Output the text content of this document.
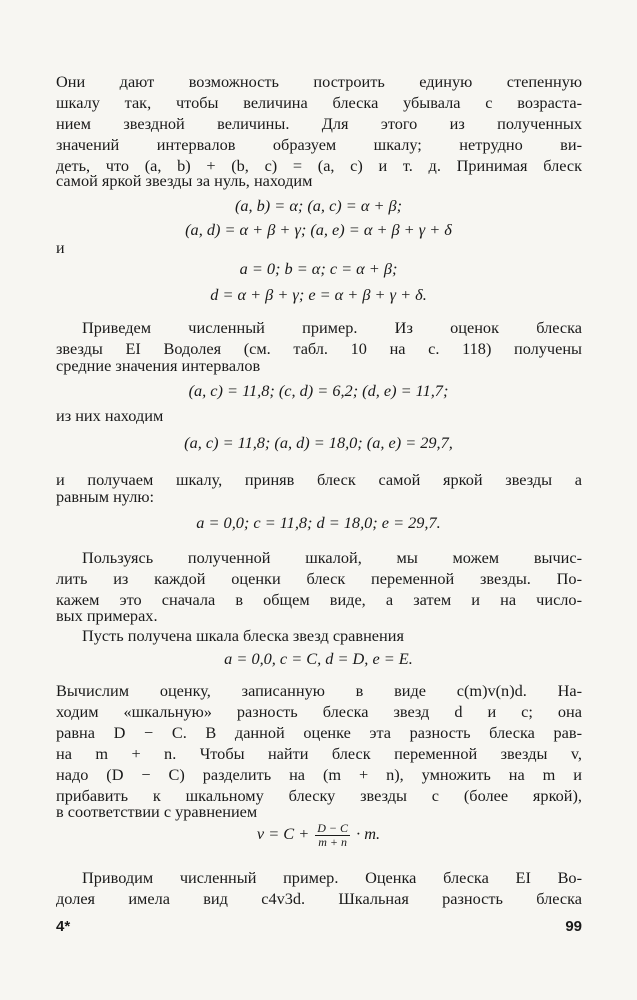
Они дают возможность построить единую степенную
шкалу так, чтобы величина блеска убывала с возраста-
нием звездной величины. Для этого из полученных
значений интервалов образуем шкалу; нетрудно ви-
деть, что (a, b) + (b, c) = (a, c) и т. д. Принимая блеск
самой яркой звезды за нуль, находим
(a, b) = α; (a, c) = α + β;
(a, d) = α + β + γ; (a, e) = α + β + γ + δ
и
a = 0; b = α; c = α + β;
d = α + β + γ; e = α + β + γ + δ.
Приведем численный пример. Из оценок блеска
звезды EI Водолея (см. табл. 10 на с. 118) получены
средние значения интервалов
(a, c) = 11,8; (c, d) = 6,2; (d, e) = 11,7;
из них находим
(a, c) = 11,8; (a, d) = 18,0; (a, e) = 29,7,
и получаем шкалу, приняв блеск самой яркой звезды a
равным нулю:
a = 0,0; c = 11,8; d = 18,0; e = 29,7.
Пользуясь полученной шкалой, мы можем вычис-
лить из каждой оценки блеск переменной звезды. По-
кажем это сначала в общем виде, а затем и на число-
вых примерах.
Пусть получена шкала блеска звезд сравнения
a = 0,0, c = C, d = D, e = E.
Вычислим оценку, записанную в виде c(m)v(n)d. На-
ходим «шкальную» разность блеска звезд d и c; она
равна D − C. В данной оценке эта разность блеска рав-
на m + n. Чтобы найти блеск переменной звезды v,
надо (D − C) разделить на (m + n), умножить на m и
прибавить к шкальному блеску звезды c (более яркой),
в соответствии с уравнением
$v = C + \frac{D - C}{m + n} \cdot m$.
Приводим численный пример. Оценка блеска EI Во-
долея имела вид c4v3d. Шкальная разность блеска
4*	99
